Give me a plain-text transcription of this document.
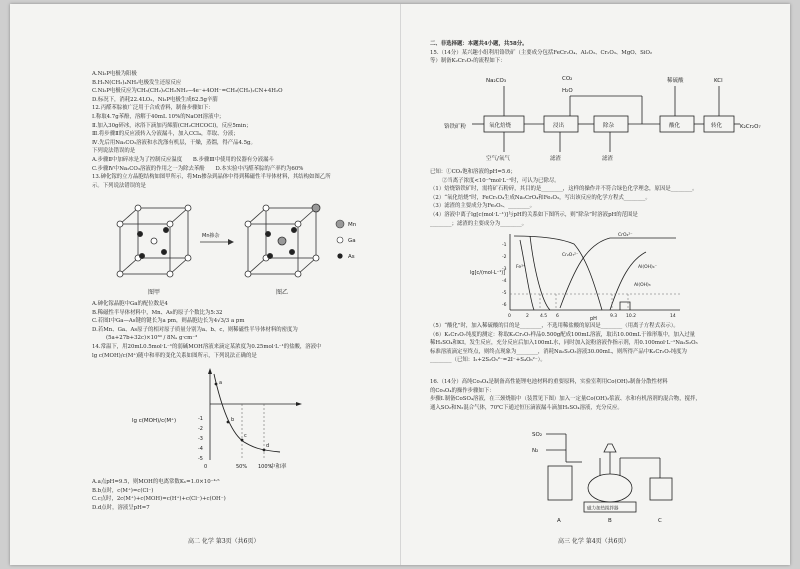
A.Ni₂P电极为阳极

B.H₂N(CH₂)₄NH₂电极发生还原反应

C.Ni₂P电极反应为CH₃(CH₂)₂CH₂NH₂−4e⁻+4OH⁻=CH₃(CH₂)₂CN+4H₂O

D.标况下，消耗22.4LO₂，Ni₂P电极生成62.5g辛腈

12.丙醛苯腙被广泛用于合成香料，制备步骤如下：

Ⅰ.称取4.7g苯酚，溶解于40mL 10%的NaOH溶液中；

Ⅱ.加入30g碎冰，冰浴下滴加丙烯腈(CH₂CHCOCl)，反应5min；

Ⅲ.将步骤Ⅱ的反应液转入分液漏斗，加入CCl₄，萃取、分液；

Ⅳ.先后用Na₂CO₃溶液和水洗涤有机层，干燥，蒸馏，得产品4.5g。

下列说法错误的是

A.步骤Ⅱ中加碎冰是为了控制反应温度　　B.步骤Ⅲ中使用的仪器有分液漏斗

C.步骤Ⅳ中Na₂CO₃溶液的作用之一为除去苯酚　　D.本实验中丙醛苯腙的产率约为60%

13.砷化镓的立方晶胞结构如图甲所示，将Mn掺杂到晶体中得到稀磁性半导体材料，其结构如图乙所

示。下列说法错误的是

图甲
Mn掺杂
图乙
Mn
Ga
As

A.砷化镓晶胞中Ga的配位数是4

B.稀磁性半导体材料中，Mn、As的原子个数比为5:32

C.若图Ⅰ中Ga—As键的键长为a pm，则晶胞边长为4√3/3 a pm

D.若Mn、Ga、As原子的相对原子质量分别为a、b、c，则稀磁性半导体材料的密度为

(5a+27b+32c)×10³⁰ / 8Nₐ g·cm⁻³

14.常温下，用20mL0.5mol·L⁻¹的弱碱MOH溶液来滴定某浓度为0.25mol·L⁻¹的盐酸，溶液中

lg c(MOH)/c(M⁺)随中和率的变化关系如图所示，下列说法正确的是

lg c(MOH)/c(M⁺)
中和率
-1
-2
-3
-4
-5
0	50% 100%
a
b
c
d

A.a点pH=9.5，则MOH的电离常数Kₕ=1.0×10⁻⁴·⁵

B.b点时，c(M⁺)=c(Cl⁻)

C.c点时，2c(M⁺)+c(MOH)=c(H⁺)+c(Cl⁻)+c(OH⁻)

D.d点时，溶液呈pH=7

高二 化学 第3页（共6页）

二、非选择题：本题共4小题，共58分。

15.（14分）某兴趣小组利用铬铁矿（主要成分包括FeCr₂O₄、Al₂O₃、Cr₂O₃、MgO、SiO₂

等）制备K₂Cr₂O₇的流程如下：

Na₂CO₃	CO₂
H₂O
稀硫酸	KCl
铬铁矿粉	K₂Cr₂O₇
空气/氧气	滤渣	滤渣
氧化焙烧	浸出	除杂	酸化	转化

已知：①CO₂饱和溶液的pH=5.6；

②当离子浓度<10⁻⁵mol·L⁻¹时，可认为已除尽。

（1）焙烧铬铁矿时，需将矿石粉碎，其目的是________，这样的操作并不符合绿色化学理念，原因是________。

（2）“氧化焙烧”时，FeCr₂O₄生成Na₂CrO₄和Fe₂O₃，写出该反应的化学方程式________。

（3）滤渣的主要成分为Fe₂O₃、________。

（4）溶液中离子lg[c(mol·L⁻¹)]与pH的关系如下图所示，则“除杂”时溶液pH的范围是

________；滤渣的主要成分为________。

lg[c/(mol·L⁻¹)]
pH
-1
-2
-3
-4
-5
-6
0	2 4.5 6	9.3 10.2	14
CrO₄²⁻
Cr₂O₇²⁻
Fe³⁺
Al(OH)₃
Al(OH)₄⁻

（5）“酸化”时，加入稀硫酸的目的是________，不选用稀盐酸的原因是________（用离子方程式表示）。

（6）K₂Cr₂O₇纯度的测定：称取K₂Cr₂O₇样品0.500g配成100mL溶液，取出10.00mL于锥形瓶中，加入过量

稀H₂SO₄和KI，发生反应，充分反应后加入100mL水，同时加入淀粉溶液作指示剂，用0.100mol·L⁻¹Na₂S₂O₃

标准溶液滴定至终点，则终点现象为________，消耗Na₂S₂O₃溶液30.00mL，则所得产品中K₂Cr₂O₇纯度为

________（已知：I₂+2S₂O₃²⁻=2I⁻+S₄O₆²⁻）。

16.（14分）高纯Co₃O₄是制备高性能锂电池材料的重要原料，实验室利用Co(OH)₂制备分散性材料

的Co₃O₄的操作步骤如下：

步骤Ⅰ.制备CoSO₄溶液，在三颈烧瓶中（装置见下图）加入一定量Co(OH)₂浆液、水和有机溶剂的混合物，搅拌，

通入SO₂和N₂混合气体，70℃下通过恒压滴液漏斗滴加H₂SO₄溶液，充分反应。

SO₂
N₂
磁力加热搅拌器
A	B	C
高三 化学 第4页（共6页）
